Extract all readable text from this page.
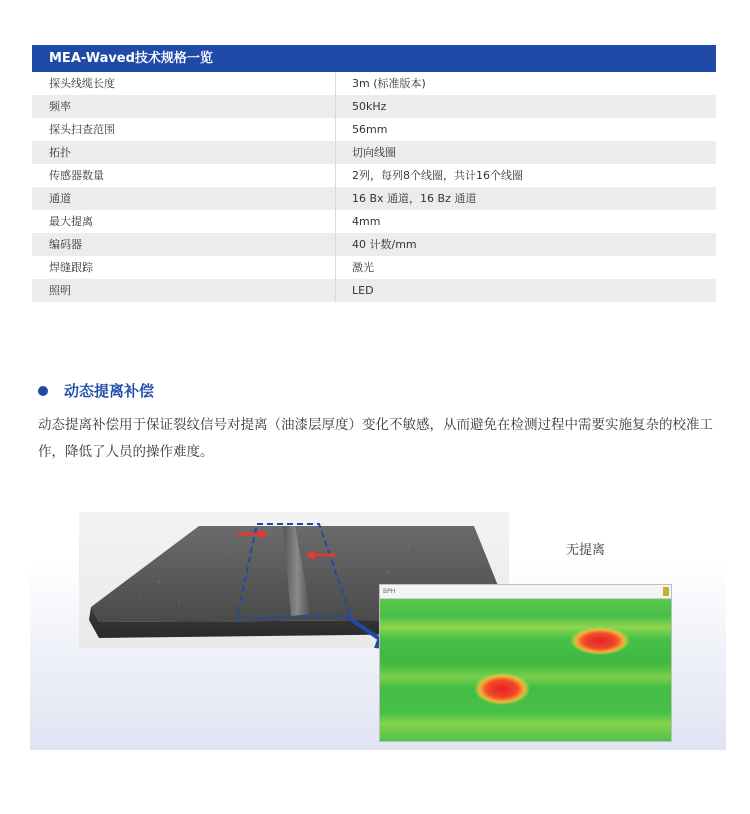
MEA-Waved技术规格一览
探头线缆长度	3m (标准版本)
频率	50kHz
探头扫查范围	56mm
拓扑	切向线圈
传感器数量	2列，每列8个线圈，共计16个线圈
通道	16 Bx 通道，16 Bz 通道
最大提离	4mm
编码器	40 计数/mm
焊缝跟踪	激光
照明	LED
动态提离补偿
动态提离补偿用于保证裂纹信号对提离（油漆层厚度）变化不敏感，从而避免在检测过程中需要实施复杂的校准工作，降低了人员的操作难度。
无提离
BPH
